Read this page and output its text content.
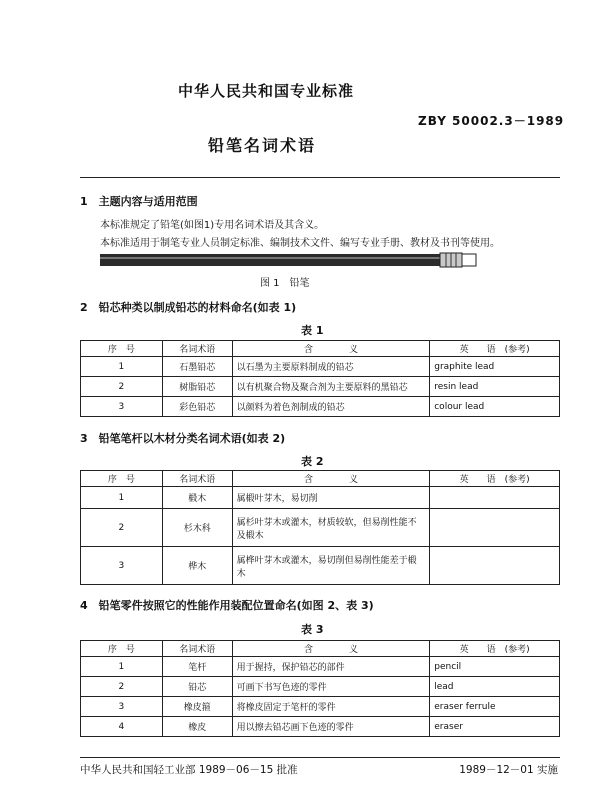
中华人民共和国专业标准
ZBY 50002.3－1989
铅笔名词术语
1　主题内容与适用范围
本标准规定了铅笔(如图1)专用名词术语及其含义。
本标准适用于制笔专业人员制定标准、编制技术文件、编写专业手册、教材及书刊等使用。
图 1　铅笔
2　铅芯种类以制成铅芯的材料命名(如表 1)
表 1
序　号	名词术语	含　　　　义	英　　语　(参考)
1	石墨铅芯	以石墨为主要原料制成的铅芯	graphite lead
2	树脂铅芯	以有机聚合物及聚合剂为主要原料的黑铅芯	resin lead
3	彩色铅芯	以颜料为着色剂制成的铅芯	colour lead
3　铅笔笔杆以木材分类名词术语(如表 2)
表 2
序　号	名词术语	含　　　　义	英　　语　(参考)
1	椴木	属椴叶芽木，易切削	
2	杉木科	属杉叶芽木或灌木，材质较软，但易削性能不及椴木	
3	桦木	属桦叶芽木或灌木，易切削但易削性能差于椴木	
4　铅笔零件按照它的性能作用装配位置命名(如图 2、表 3)
表 3
序　号	名词术语	含　　　　义	英　　语　(参考)
1	笔杆	用于握持，保护铅芯的部件	pencil
2	铅芯	可画下书写色迹的零件	lead
3	橡皮箍	将橡皮固定于笔杆的零件	eraser ferrule
4	橡皮	用以擦去铅芯画下色迹的零件	eraser
中华人民共和国轻工业部 1989－06－15 批准	1989－12－01 实施
